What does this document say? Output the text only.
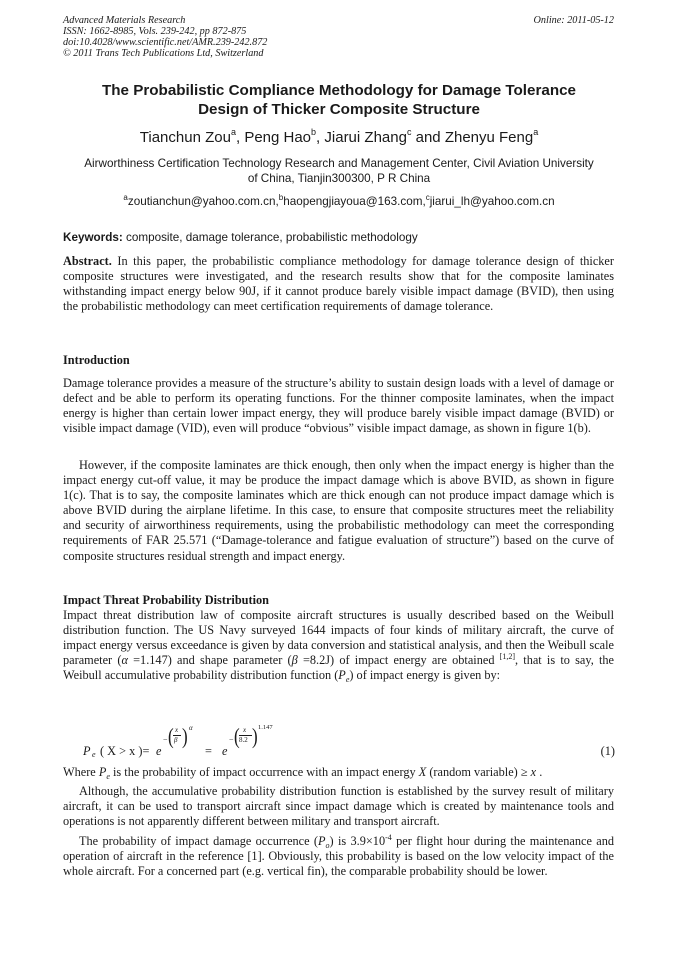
Advanced Materials Research
ISSN: 1662-8985, Vols. 239-242, pp 872-875
doi:10.4028/www.scientific.net/AMR.239-242.872
© 2011 Trans Tech Publications Ltd, Switzerland
Online: 2011-05-12
The Probabilistic Compliance Methodology for Damage Tolerance
Design of Thicker Composite Structure
Tianchun Zou$^a$, Peng Hao$^b$, Jiarui Zhang$^c$ and Zhenyu Feng$^a$
Airworthiness Certification Technology Research and Management Center, Civil Aviation University
of China, Tianjin300300, P R China
$^a$zoutianchun@yahoo.com.cn,$^b$haopengjiayoua@163.com,$^c$jiarui_lh@yahoo.com.cn
Keywords: composite, damage tolerance, probabilistic methodology

Abstract. In this paper, the probabilistic compliance methodology for damage tolerance design of thicker composite structures were investigated, and the research results show that for the composite laminates withstanding impact energy below 90J, if it cannot produce barely visible impact damage (BVID), then using the probabilistic methodology can meet certification requirements of damage tolerance.

Introduction

Damage tolerance provides a measure of the structure’s ability to sustain design loads with a level of damage or defect and be able to perform its operating functions. For the thinner composite laminates, when the impact energy is higher than certain lower impact energy, they will produce barely visible impact damage (BVID) or visible impact damage (VID), even will produce “obvious” visible impact damage, as shown in figure 1(b).

However, if the composite laminates are thick enough, then only when the impact energy is higher than the impact energy cut-off value, it may be produce the impact damage which is above BVID, as shown in figure 1(c). That is to say, the composite laminates which are thick enough can not produce impact damage which is above BVID during the airplane lifetime. In this case, to ensure that composite structures meet the reliability and security of airworthiness requirements, using the probabilistic methodology can meet the corresponding requirements of FAR 25.571 (“Damage-tolerance and fatigue evaluation of structure”) based on the curve of composite structures residual strength and impact energy.

Impact Threat Probability Distribution

Impact threat distribution law of composite aircraft structures is usually described based on the Weibull distribution function. The US Navy surveyed 1644 impacts of four kinds of military aircraft, the curve of impact energy versus exceedance is given by data conversion and statistical analysis, and then the Weibull scale parameter (α =1.147) and shape parameter (β =8.2J) of impact energy are obtained [1,2], that is to say, the Weibull accumulative probability distribution function $(P_e)$ of impact energy is given by:

P e ( X > x )= e
− ( x
β ) α
= e
− ( x
8.2 ) 1.147
(1)

Where $P_e$ is the probability of impact occurrence with an impact energy X (random variable) ≥ x .

Although, the accumulative probability distribution function is established by the survey result of military aircraft, it can be used to transport aircraft since impact damage which is created by maintenance tools and operations is not apparently different between military and transport aircraft.

The probability of impact damage occurrence $(P_o)$ is $3.9\times 10^{-4}$ per flight hour during the maintenance and operation of aircraft in the reference [1]. Obviously, this probability is based on the low velocity impact of the whole aircraft. For a concerned part (e.g. vertical fin), the comparable probability should be lower.
